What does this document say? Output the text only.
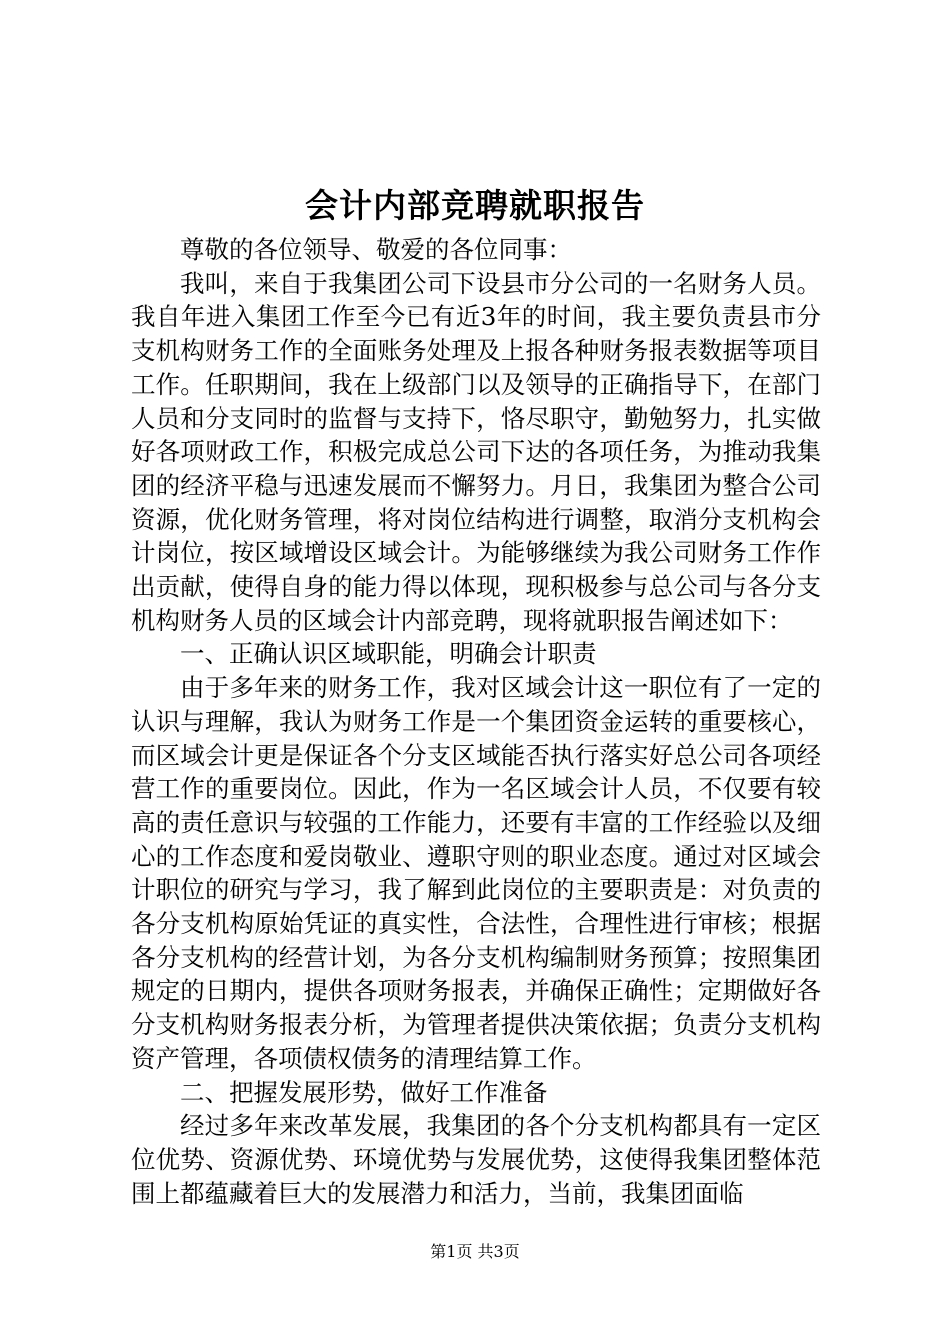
会计内部竞聘就职报告

尊敬的各位领导、敬爱的各位同事：

我叫，来自于我集团公司下设县市分公司的一名财务人员。我自年进入集团工作至今已有近3年的时间，我主要负责县市分支机构财务工作的全面账务处理及上报各种财务报表数据等项目工作。任职期间，我在上级部门以及领导的正确指导下，在部门人员和分支同时的监督与支持下，恪尽职守，勤勉努力，扎实做好各项财政工作，积极完成总公司下达的各项任务，为推动我集团的经济平稳与迅速发展而不懈努力。月日，我集团为整合公司资源，优化财务管理，将对岗位结构进行调整，取消分支机构会计岗位，按区域增设区域会计。为能够继续为我公司财务工作作出贡献，使得自身的能力得以体现，现积极参与总公司与各分支机构财务人员的区域会计内部竞聘，现将就职报告阐述如下：

一、正确认识区域职能，明确会计职责

由于多年来的财务工作，我对区域会计这一职位有了一定的认识与理解，我认为财务工作是一个集团资金运转的重要核心，而区域会计更是保证各个分支区域能否执行落实好总公司各项经营工作的重要岗位。因此，作为一名区域会计人员，不仅要有较高的责任意识与较强的工作能力，还要有丰富的工作经验以及细心的工作态度和爱岗敬业、遵职守则的职业态度。通过对区域会计职位的研究与学习，我了解到此岗位的主要职责是：对负责的各分支机构原始凭证的真实性，合法性，合理性进行审核；根据各分支机构的经营计划，为各分支机构编制财务预算；按照集团规定的日期内，提供各项财务报表，并确保正确性；定期做好各分支机构财务报表分析，为管理者提供决策依据；负责分支机构资产管理，各项债权债务的清理结算工作。

二、把握发展形势，做好工作准备

经过多年来改革发展，我集团的各个分支机构都具有一定区位优势、资源优势、环境优势与发展优势，这使得我集团整体范围上都蕴藏着巨大的发展潜力和活力，当前，我集团面临

第1页 共3页
